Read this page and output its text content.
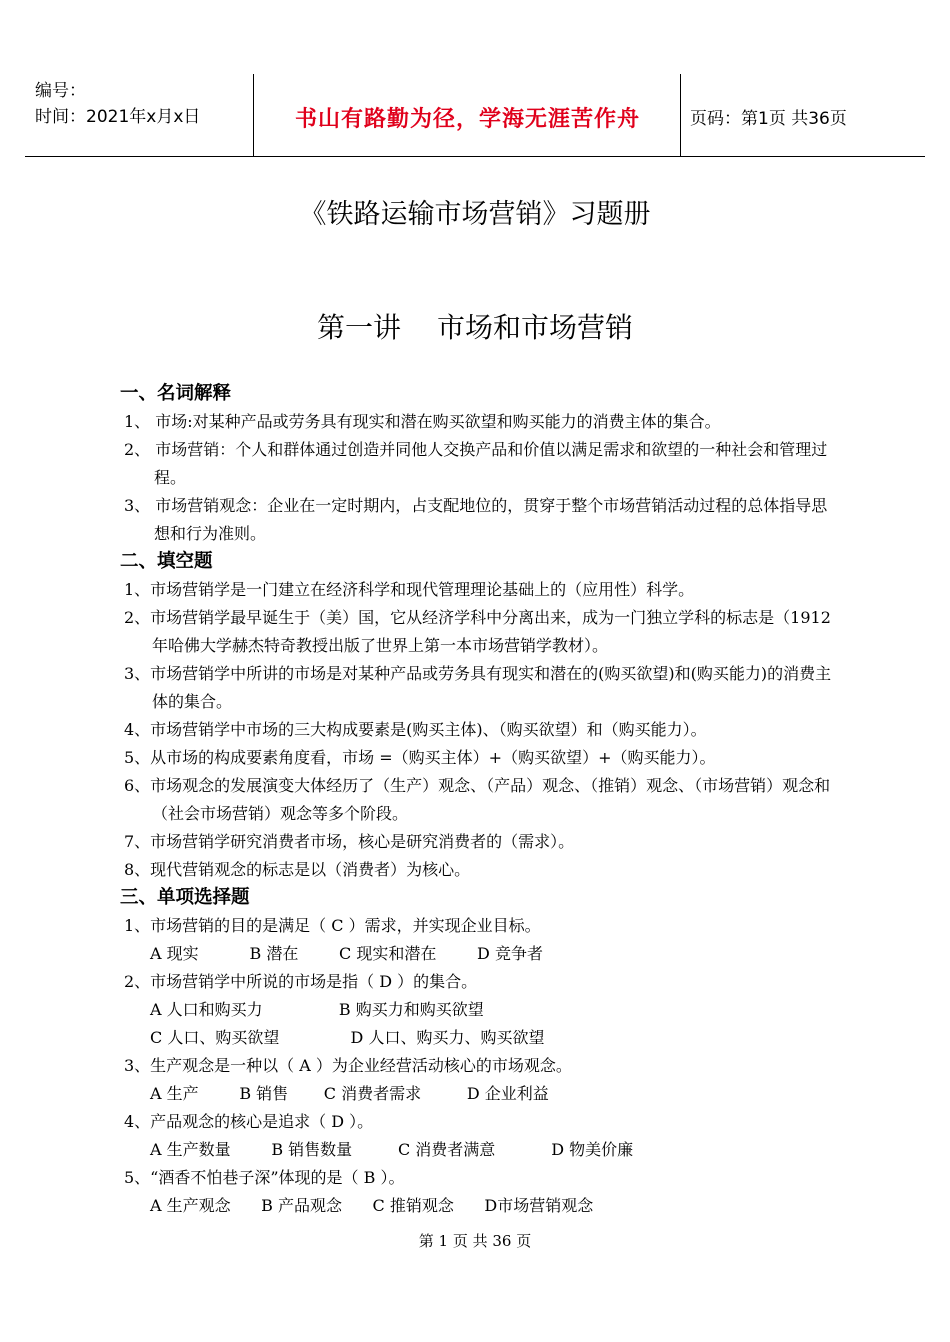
编号：
时间：2021年x月x日	书山有路勤为径，学海无涯苦作舟	页码：第1页 共36页
《铁路运输市场营销》习题册
第一讲 市场和市场营销
一、名词解释
1、 市场:对某种产品或劳务具有现实和潜在购买欲望和购买能力的消费主体的集合。
2、 市场营销：个人和群体通过创造并同他人交换产品和价值以满足需求和欲望的一种社会和管理过程。
3、 市场营销观念：企业在一定时期内，占支配地位的，贯穿于整个市场营销活动过程的总体指导思想和行为准则。
二、填空题
1、市场营销学是一门建立在经济科学和现代管理理论基础上的（应用性）科学。
2、市场营销学最早诞生于（美）国，它从经济学科中分离出来，成为一门独立学科的标志是（1912年哈佛大学赫杰特奇教授出版了世界上第一本市场营销学教材）。
3、市场营销学中所讲的市场是对某种产品或劳务具有现实和潜在的(购买欲望)和(购买能力)的消费主体的集合。
4、市场营销学中市场的三大构成要素是(购买主体)、（购买欲望）和（购买能力）。
5、从市场的构成要素角度看，市场 =（购买主体）+（购买欲望）+（购买能力）。
6、市场观念的发展演变大体经历了（生产）观念、（产品）观念、（推销）观念、（市场营销）观念和（社会市场营销）观念等多个阶段。
7、市场营销学研究消费者市场，核心是研究消费者的（需求）。
8、现代营销观念的标志是以（消费者）为核心。
三、单项选择题
1、市场营销的目的是满足（ C ）需求，并实现企业目标。
A 现实          B 潜在        C 现实和潜在        D 竞争者
2、市场营销学中所说的市场是指（ D ）的集合。
A 人口和购买力               B 购买力和购买欲望
C 人口、购买欲望              D 人口、购买力、购买欲望
3、生产观念是一种以（ A ）为企业经营活动核心的市场观念。
A 生产        B 销售       C 消费者需求         D 企业利益
4、产品观念的核心是追求（ D ）。
A 生产数量        B 销售数量         C 消费者满意           D 物美价廉
5、“酒香不怕巷子深”体现的是（ B ）。
A 生产观念      B 产品观念      C 推销观念      D市场营销观念
第 1 页 共 36 页
